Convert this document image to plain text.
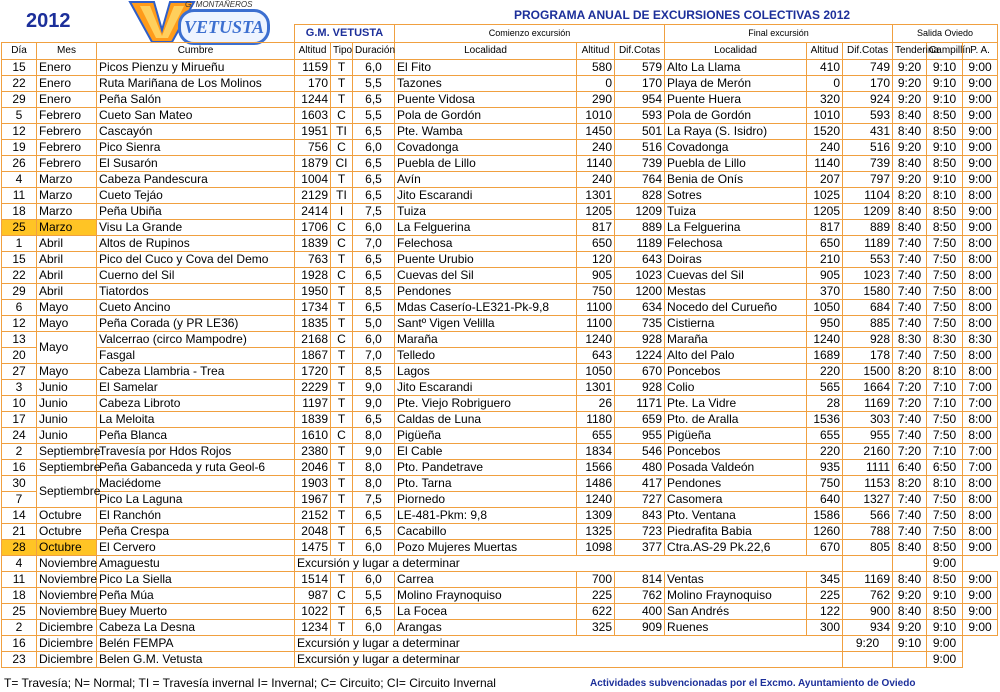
2012
G. MONTAÑEROS
VETUSTA
PROGRAMA ANUAL DE EXCURSIONES COLECTIVAS 2012
			G.M. VETUSTA			Comienzo excursión			Final excursión			Salida Oviedo		
Día	Mes	Cumbre	Altitud	Tipo	Duración	Localidad	Altitud	Dif.Cotas	Localidad	Altitud	Dif.Cotas	Tenderina	Campillín	P. A.
15	Enero	Picos Pienzu y Mirueñu	1159	T	6,0	El Fito	580	579	Alto La Llama	410	749	9:20	9:10	9:00
22	Enero	Ruta Mariñana de Los Molinos	170	T	5,5	Tazones	0	170	Playa de Merón	0	170	9:20	9:10	9:00
29	Enero	Peña Salón	1244	T	6,5	Puente Vidosa	290	954	Puente Huera	320	924	9:20	9:10	9:00
5	Febrero	Cueto San Mateo	1603	C	5,5	Pola de Gordón	1010	593	Pola de Gordón	1010	593	8:40	8:50	9:00
12	Febrero	Cascayón	1951	TI	6,5	Pte. Wamba	1450	501	La Raya (S. Isidro)	1520	431	8:40	8:50	9:00
19	Febrero	Pico Sienra	756	C	6,0	Covadonga	240	516	Covadonga	240	516	9:20	9:10	9:00
26	Febrero	El Susarón	1879	CI	6,5	Puebla de Lillo	1140	739	Puebla de Lillo	1140	739	8:40	8:50	9:00
4	Marzo	Cabeza Pandescura	1004	T	6,5	Avín	240	764	Benia de Onís	207	797	9:20	9:10	9:00
11	Marzo	Cueto Tejáo	2129	TI	6,5	Jito Escarandi	1301	828	Sotres	1025	1104	8:20	8:10	8:00
18	Marzo	Peña Ubiña	2414	I	7,5	Tuiza	1205	1209	Tuiza	1205	1209	8:40	8:50	9:00
25	Marzo	Visu La Grande	1706	C	6,0	La Felguerina	817	889	La Felguerina	817	889	8:40	8:50	9:00
1	Abril	Altos de Rupinos	1839	C	7,0	Felechosa	650	1189	Felechosa	650	1189	7:40	7:50	8:00
15	Abril	Pico del Cuco y Cova del Demo	763	T	6,5	Puente Urubio	120	643	Doiras	210	553	7:40	7:50	8:00
22	Abril	Cuerno del Sil	1928	C	6,5	Cuevas del Sil	905	1023	Cuevas del Sil	905	1023	7:40	7:50	8:00
29	Abril	Tiatordos	1950	T	8,5	Pendones	750	1200	Mestas	370	1580	7:40	7:50	8:00
6	Mayo	Cueto Ancino	1734	T	6,5	Mdas Caserío-LE321-Pk-9,8	1100	634	Nocedo del Curueño	1050	684	7:40	7:50	8:00
12	Mayo	Peña Corada (y PR LE36)	1835	T	5,0	Santº Vigen Velilla	1100	735	Cistierna	950	885	7:40	7:50	8:00
13	Mayo	Valcerrao (circo Mampodre)	2168	C	6,0	Maraña	1240	928	Maraña	1240	928	8:30	8:30	8:30
20		Fasgal	1867	T	7,0	Telledo	643	1224	Alto del Palo	1689	178	7:40	7:50	8:00
27	Mayo	Cabeza Llambria - Trea	1720	T	8,5	Lagos	1050	670	Poncebos	220	1500	8:20	8:10	8:00
3	Junio	El Samelar	2229	T	9,0	Jito Escarandi	1301	928	Colio	565	1664	7:20	7:10	7:00
10	Junio	Cabeza Libroto	1197	T	9,0	Pte. Viejo Robriguero	26	1171	Pte. La Vidre	28	1169	7:20	7:10	7:00
17	Junio	La Meloita	1839	T	6,5	Caldas de Luna	1180	659	Pto. de Aralla	1536	303	7:40	7:50	8:00
24	Junio	Peña Blanca	1610	C	8,0	Pigüeña	655	955	Pigüeña	655	955	7:40	7:50	8:00
2	Septiembre	Travesía por Hdos Rojos	2380	T	9,0	El Cable	1834	546	Poncebos	220	2160	7:20	7:10	7:00
16	Septiembre	Peña Gabanceda y ruta Geol-6	2046	T	8,0	Pto. Pandetrave	1566	480	Posada Valdeón	935	1111	6:40	6:50	7:00
30	Septiembre	Maciédome	1903	T	8,0	Pto. Tarna	1486	417	Pendones	750	1153	8:20	8:10	8:00
7		Pico La Laguna	1967	T	7,5	Piornedo	1240	727	Casomera	640	1327	7:40	7:50	8:00
14	Octubre	El Ranchón	2152	T	6,5	LE-481-Pkm: 9,8	1309	843	Pto. Ventana	1586	566	7:40	7:50	8:00
21	Octubre	Peña Crespa	2048	T	6,5	Cacabillo	1325	723	Piedrafita Babia	1260	788	7:40	7:50	8:00
28	Octubre	El Cervero	1475	T	6,0	Pozo Mujeres Muertas	1098	377	Ctra.AS-29 Pk.22,6	670	805	8:40	8:50	9:00
4	Noviembre	Amaguestu	Excursión y lugar a determinar										9:00	
11	Noviembre	Pico La Siella	1514	T	6,0	Carrea	700	814	Ventas	345	1169	8:40	8:50	9:00
18	Noviembre	Peña Múa	987	C	5,5	Molino Fraynoquiso	225	762	Molino Fraynoquiso	225	762	9:20	9:10	9:00
25	Noviembre	Buey Muerto	1022	T	6,5	La Focea	622	400	San Andrés	122	900	8:40	8:50	9:00
2	Diciembre	Cabeza La Desna	1234	T	6,0	Arangas	325	909	Ruenes	300	934	9:20	9:10	9:00
16	Diciembre	Belén FEMPA	Excursión y lugar a determinar								9:20	9:10	9:00	
23	Diciembre	Belen G.M. Vetusta	Excursión y lugar a determinar										9:00	
T= Travesía; N= Normal; TI = Travesía invernal I= Invernal; C= Circuito; CI= Circuito Invernal	Actividades subvencionadas por el Excmo. Ayuntamiento de Oviedo
